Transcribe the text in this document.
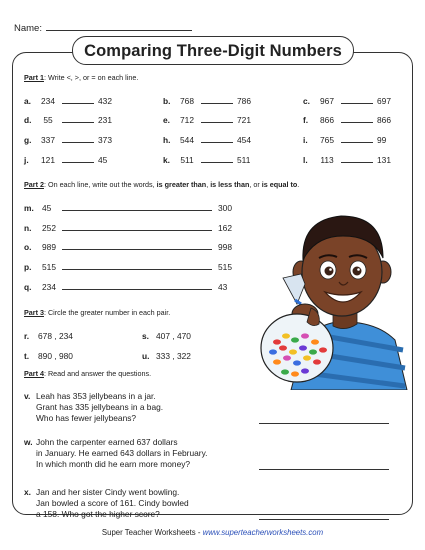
Name:
Comparing Three-Digit Numbers
Part 1: Write <, >, or = on each line.
a. 234	432	b. 768	786	c. 967	697
d. 55	231	e. 712	721	f. 866	866
g. 337	373	h. 544	454	i. 765	99
j. 121	45	k. 511	511	l. 113	131
Part 2: On each line, write out the words, is greater than, is less than, or is equal to.
m. 45	300
n. 252	162
o. 989	998
p. 515	515
q. 234	43
Part 3: Circle the greater number in each pair.
r. 678 , 234	s. 407 , 470
t. 890 , 980	u. 333 , 322
Part 4: Read and answer the questions.
v. Leah has 353 jellybeans in a jar.
Grant has 335 jellybeans in a bag.
Who has fewer jellybeans?
w. John the carpenter earned 637 dollars
in January. He earned 643 dollars in February.
In which month did he earn more money?
x. Jan and her sister Cindy went bowling.
Jan bowled a score of 161. Cindy bowled
a 158. Who got the higher score?
Super Teacher Worksheets - www.superteacherworksheets.com
